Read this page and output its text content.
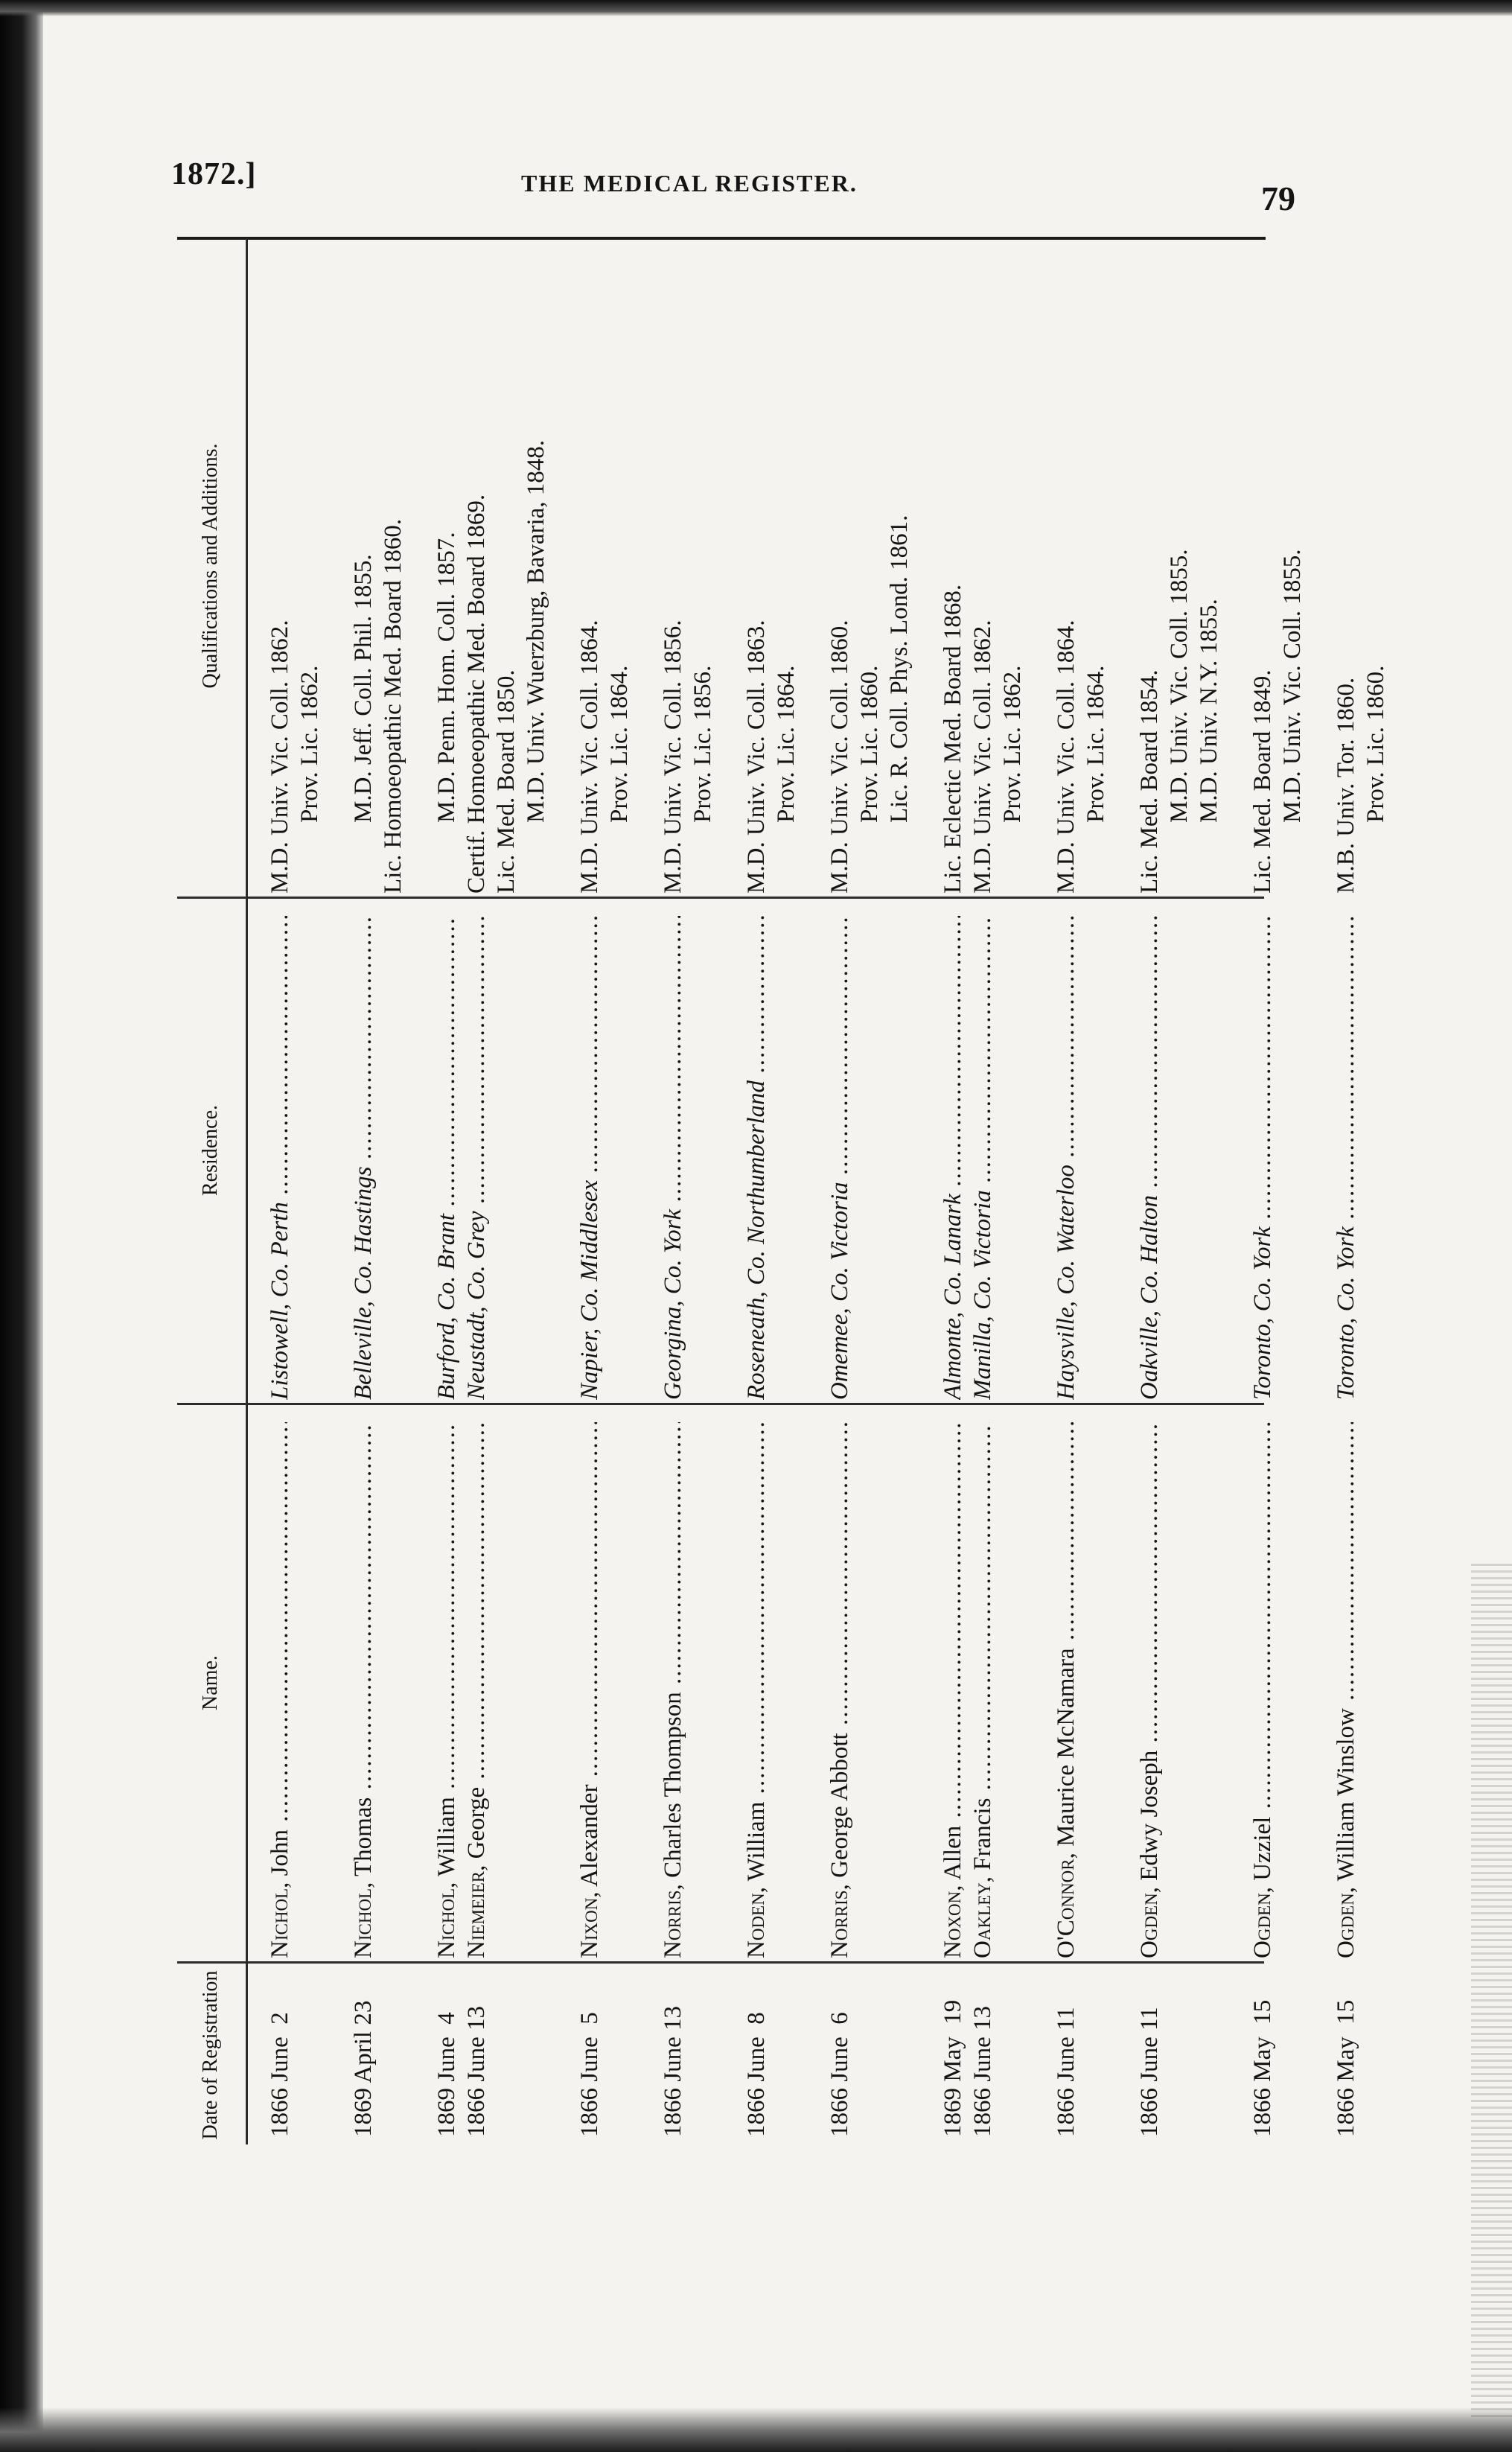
1872.]	THE MEDICAL REGISTER.	79
Date of Registration
Name.
Residence.
Qualifications and Additions.
1866 June  2
Nichol, John .....
Listowell, Co. Perth .....
M.D. Univ. Vic. Coll. 1862. Prov. Lic. 1862.
1869 April 23
Nichol, Thomas .....
Belleville, Co. Hastings .....
M.D. Jeff. Coll. Phil. 1855. Lic. Homoeopathic Med. Board 1860.
1869 June  4 1866 June 13
Nichol, William .....
Niemeier, George .....
Burford, Co. Brant ..... Neustadt, Co. Grey .....
M.D. Penn. Hom. Coll. 1857. Certif. Homoeopathic Med. Board 1869. Lic. Med. Board 1850. M.D. Univ. Wuerzburg, Bavaria, 1848.
1866 June  5
Nixon, Alexander .....
Napier, Co. Middlesex .....
M.D. Univ. Vic. Coll. 1864. Prov. Lic. 1864.
1866 June 13
Norris, Charles Thompson .....
Georgina, Co. York .....
M.D. Univ. Vic. Coll. 1856. Prov. Lic. 1856.
1866 June  8
Noden, William .....
Roseneath, Co. Northumberland .....
M.D. Univ. Vic. Coll. 1863. Prov. Lic. 1864.
1866 June  6
Norris, George Abbott .....
Omemee, Co. Victoria .....
M.D. Univ. Vic. Coll. 1860. Prov. Lic. 1860. Lic. R. Coll. Phys. Lond. 1861.
1869 May  19 1866 June 13
Noxon, Allen .....
Oakley, Francis .....
Almonte, Co. Lanark ..... Manilla, Co. Victoria .....
Lic. Eclectic Med. Board 1868. M.D. Univ. Vic. Coll. 1862. Prov. Lic. 1862.
1866 June 11
O'Connor, Maurice McNamara .....
Haysville, Co. Waterloo .....
M.D. Univ. Vic. Coll. 1864. Prov. Lic. 1864.
1866 June 11
Ogden, Edwy Joseph .....
Oakville, Co. Halton .....
Lic. Med. Board 1854. M.D. Univ. Vic. Coll. 1855. M.D. Univ. N.Y. 1855.
1866 May  15
Ogden, Uzziel .....
Toronto, Co. York .....
Lic. Med. Board 1849. M.D. Univ. Vic. Coll. 1855.
1866 May  15
Ogden, William Winslow .....
Toronto, Co. York .....
M.B. Univ. Tor. 1860. Prov. Lic. 1860.
